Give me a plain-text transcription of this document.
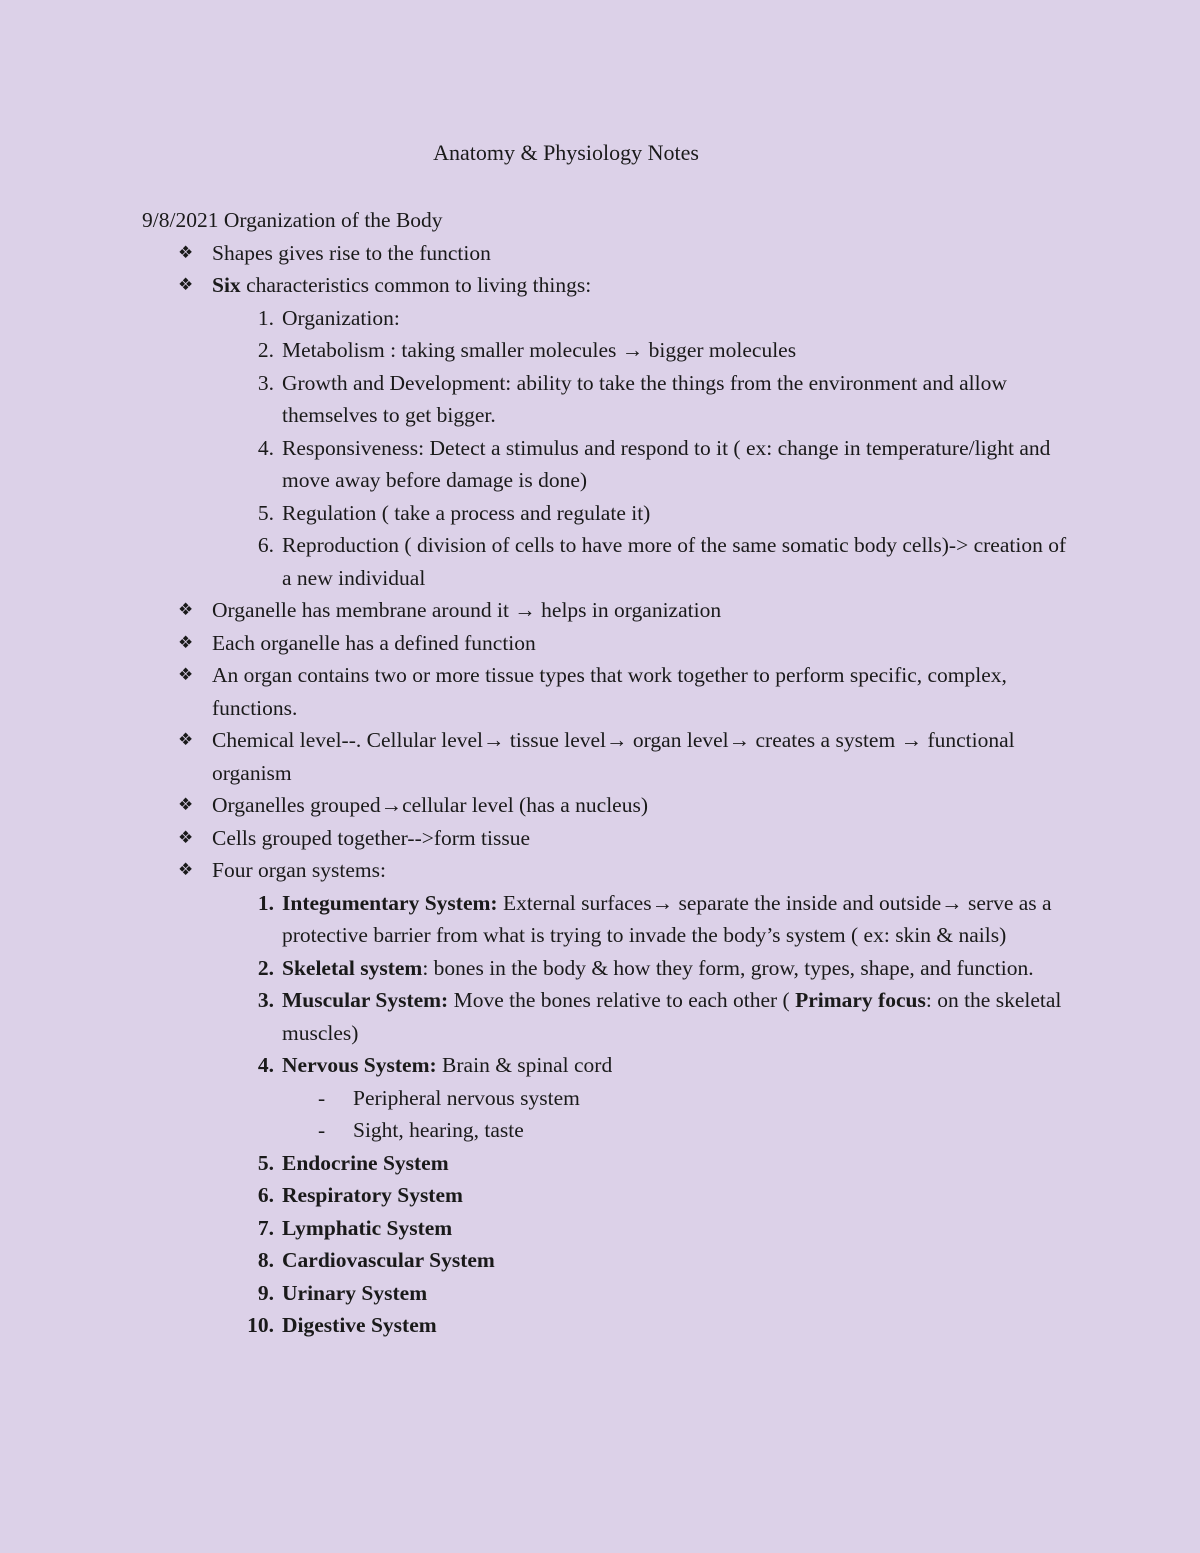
Anatomy & Physiology Notes
9/8/2021 Organization of the Body
❖ Shapes gives rise to the function
❖ Six characteristics common to living things:
1. Organization:
2. Metabolism : taking smaller molecules → bigger molecules
3. Growth and Development: ability to take the things from the environment and allow themselves to get bigger.
4. Responsiveness: Detect a stimulus and respond to it ( ex: change in temperature/light and move away before damage is done)
5. Regulation ( take a process and regulate it)
6. Reproduction ( division of cells to have more of the same somatic body cells)-> creation of a new individual
❖ Organelle has membrane around it → helps in organization
❖ Each organelle has a defined function
❖ An organ contains two or more tissue types that work together to perform specific, complex, functions.
❖ Chemical level--. Cellular level→ tissue level→ organ level→ creates a system → functional organism
❖ Organelles grouped→cellular level (has a nucleus)
❖ Cells grouped together-->form tissue
❖ Four organ systems:
1. Integumentary System: External surfaces→ separate the inside and outside→ serve as a protective barrier from what is trying to invade the body’s system ( ex: skin & nails)
2. Skeletal system: bones in the body & how they form, grow, types, shape, and function.
3. Muscular System: Move the bones relative to each other ( Primary focus: on the skeletal muscles)
4. Nervous System: Brain & spinal cord
- Peripheral nervous system
- Sight, hearing, taste
5. Endocrine System
6. Respiratory System
7. Lymphatic System
8. Cardiovascular System
9. Urinary System
10. Digestive System
